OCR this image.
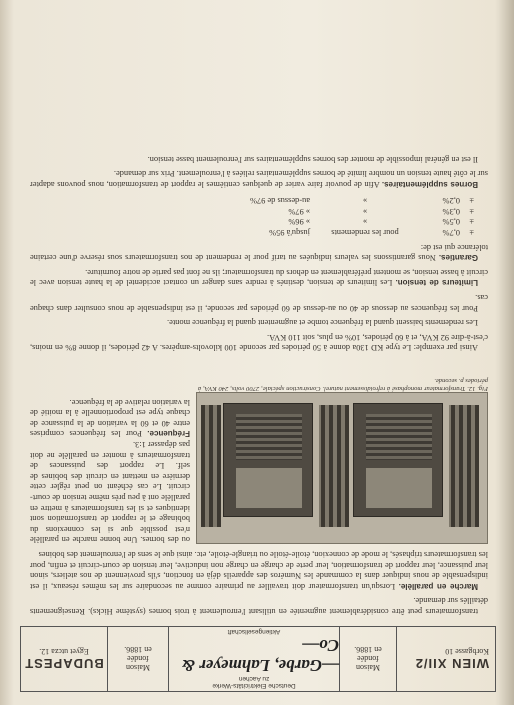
WIEN XII/2
Korbgasse 10
Maison
fondée
en 1886.
Deutsche Elektricitäts-Werke
zu Aachen
—Garbe, Lahmeyer & Co—
Aktiengesellschaft
Maison
fondée
en 1886.
BUDAPEST
Egyet utcza 12.

transformateurs peut être considérablement augmentée en utilisant l'enroulement à trois bornes (système Hicks). Renseignements détaillés sur demande.

Marche en parallèle. Lorsqu'un transformateur doit travailler au primaire comme au secondaire sur les mêmes réseaux, il est indispensable de nous indiquer dans la commande les Numéros des appareils déjà en fonction, s'ils proviennent de nos ateliers, sinon leur puissance, leur rapport de transformation, leur perte de charge en charge non inductive, leur tension de court-circuit et enfin, pour les transformateurs triphasés, le mode de connexion, étoile-étoile ou triangle-étoile, etc. ainsi que le sens de l'enroulement des bobines

Fig. 12. Transformateur monophasé à refroidissement naturel. Construction spéciale, 2700 volts, 240 KVA, à périodes p. seconde.
ou des bornes. Une bonne marche en parallèle n'est possible que si les connexions du bobinage et le rapport de transformation sont identiques et si les transformateurs à mettre en parallèle ont à peu près même tension de court-circuit. Le cas échéant on peut régler cette dernière en mettant en circuit des bobines de self. Le rapport des puissances de transformateurs à monter en parallèle ne doit pas dépasser 1:3.
Fréquence. Pour les fréquences comprises entre 40 et 60 la variation de la puissance de chaque type est proportionnelle à la moitié de la variation relative de la fréquence.

Ainsi par exemple: Le type KD 130a donne à 50 périodes par seconde 100 kilovolts-ampères. A 42 périodes, il donne 8% en moins, c'est-à-dire 92 KVA, et à 60 périodes, 10% en plus, soit 110 KVA.

Les rendements baissent quand la fréquence tombe et augmentent quand la fréquence monte.

Pour les fréquences au dessous de 40 ou au-dessus de 60 périodes par seconde, il est indispensable de nous consulter dans chaque cas.

Limiteurs de tension. Les limiteurs de tension, destinés à rendre sans danger un contact accidentel de la haute tension avec le circuit à basse tension, se montent préférablement en dehors du transformateur; ils ne font pas partie de notre fourniture.

Garanties. Nous garantissons les valeurs indiquées au tarif pour le rendement de nos transformateurs sous réserve d'une certaine tolérance qui est de:

±
0,7%
pour les rendements
jusqu'à 95%
±
0,5%
»
» 96%
±
0,3%
»
» 97%
±
0,2%
»
au-dessus de 97%

Bornes supplémentaires. Afin de pouvoir faire varier de quelques centièmes le rapport de transformation, nous pouvons adapter sur le côté haute tension un nombre limité de bornes supplémentaires reliées à l'enroulement. Prix sur demande.

Il est en général impossible de monter des bornes supplémentaires sur l'enroulement basse tension.
